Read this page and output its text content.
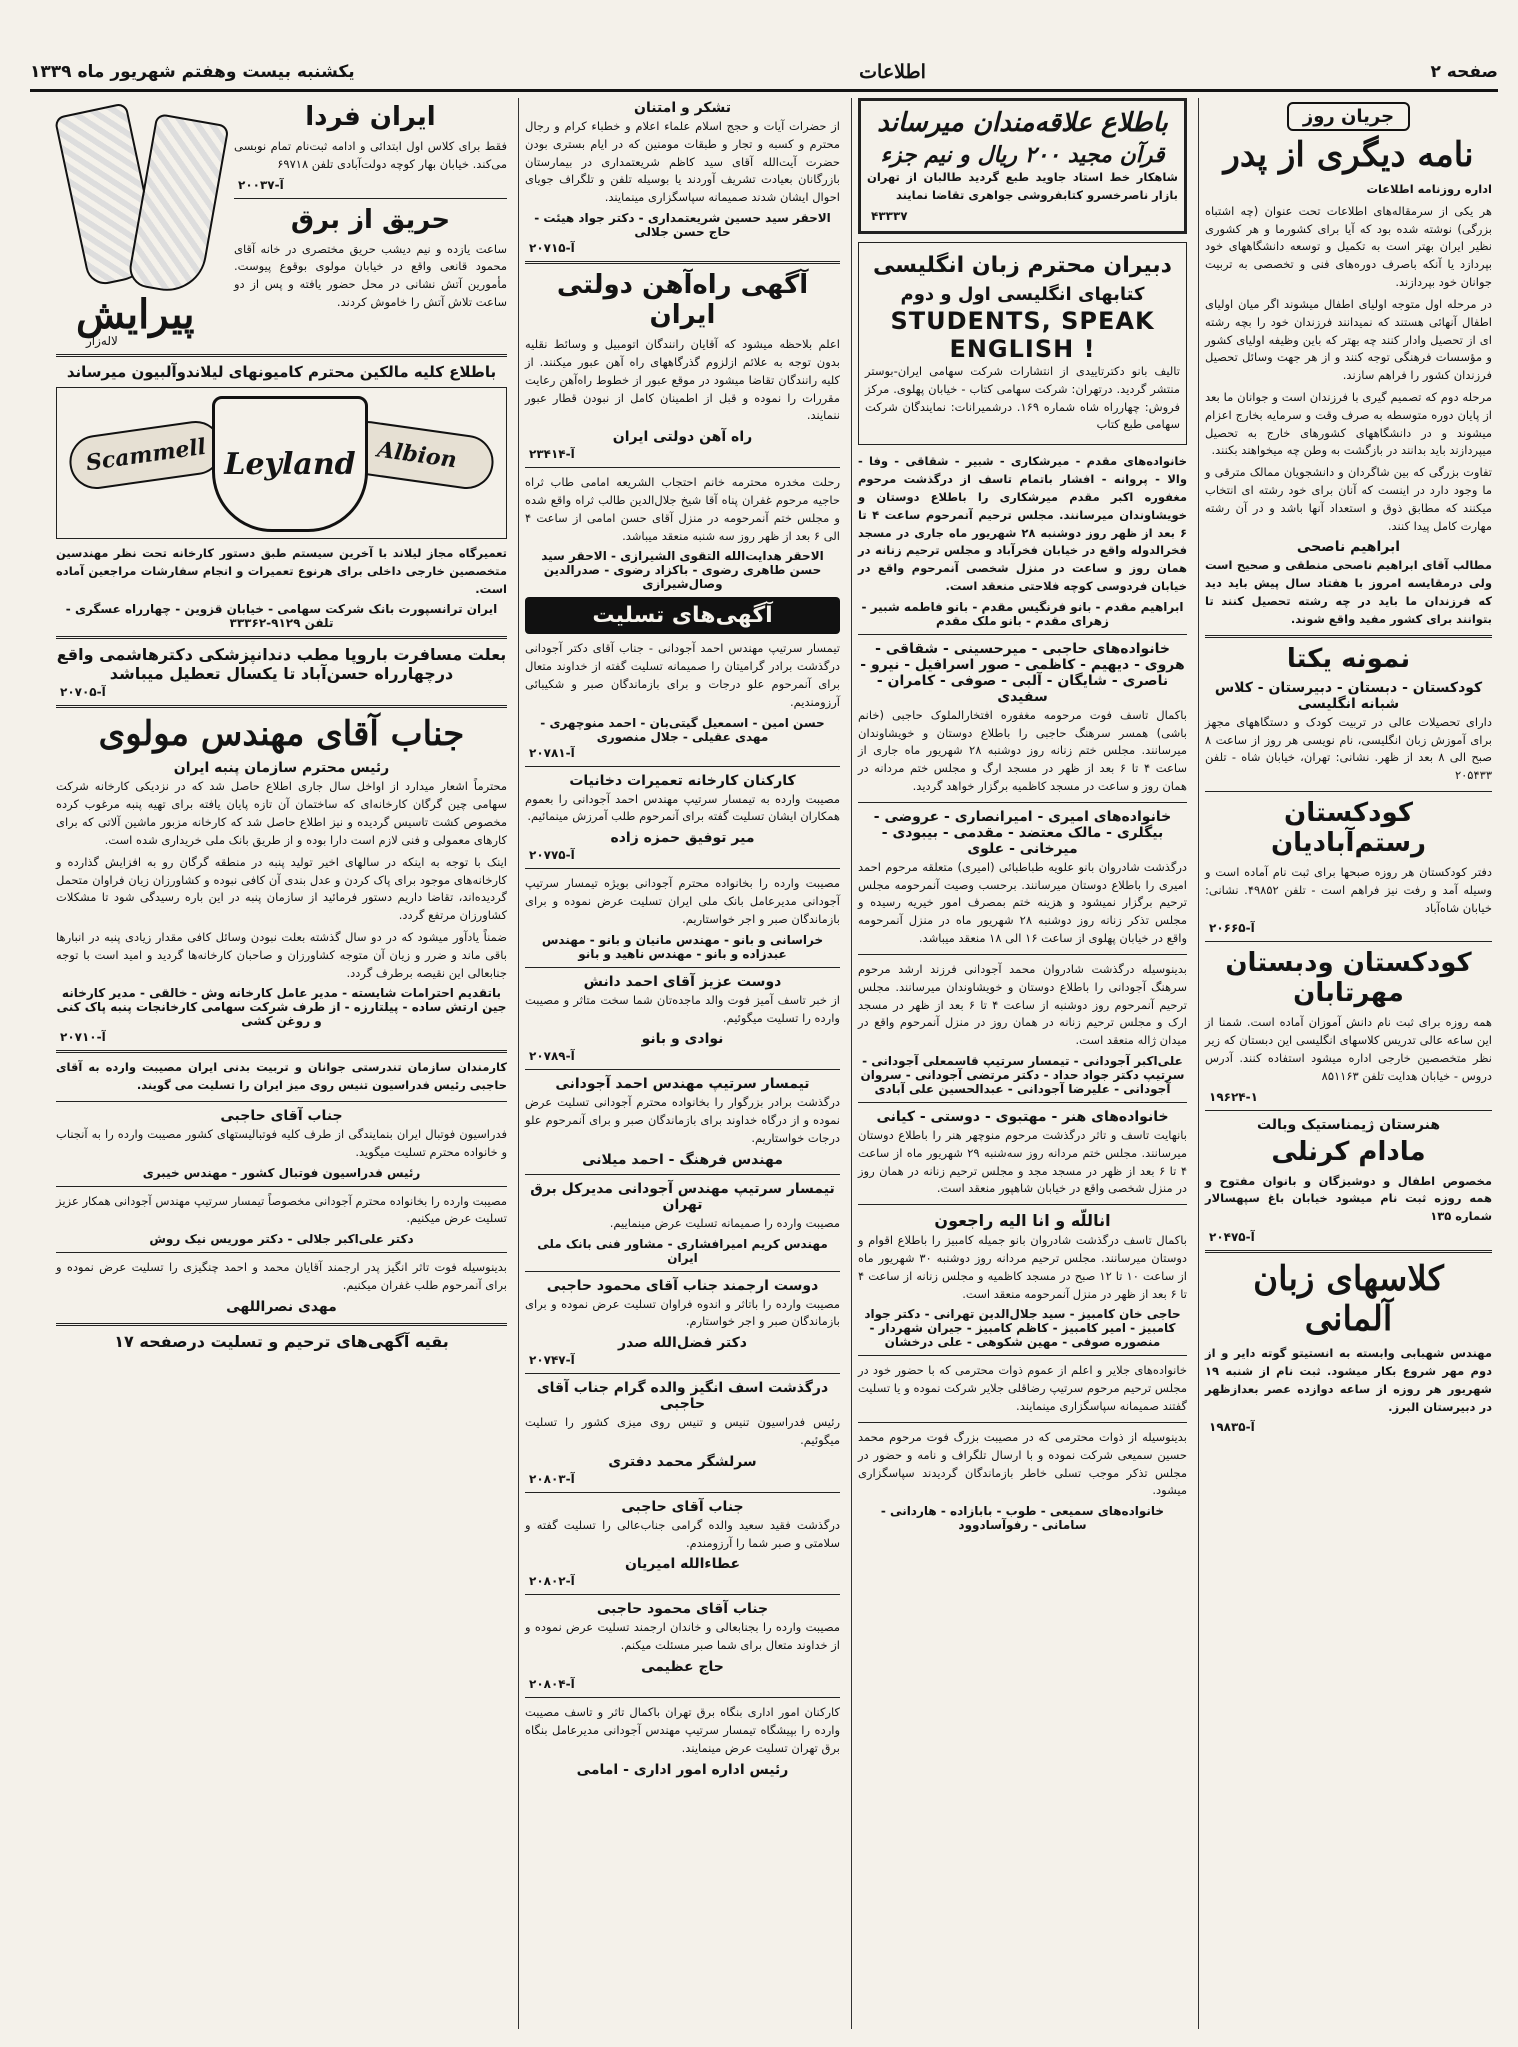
صفحه ۲
اطلاعات
یکشنبه بیست وهفتم شهریور ماه ۱۳۳۹
جریان روز
نامه دیگری از پدر

اداره روزنامه اطلاعات

هر یکی از سرمقاله‌های اطلاعات تحت عنوان (چه اشتباه بزرگی) نوشته شده بود که آیا برای کشورما و هر کشوری نظیر ایران بهتر است به تکمیل و توسعه دانشگاههای خود بپردازد یا آنکه باصرف دوره‌های فنی و تخصصی به تربیت جوانان خود بپردازند.

در مرحله اول متوجه اولیای اطفال میشوند اگر میان اولیای اطفال آنهائی هستند که نمیدانند فرزندان خود را بچه رشته ای از تحصیل وادار کنند چه بهتر که باین وظیفه اولیای کشور و مؤسسات فرهنگی توجه کنند و از هر جهت وسائل تحصیل فرزندان کشور را فراهم سازند.

مرحله دوم که تصمیم گیری با فرزندان است و جوانان ما بعد از پایان دوره متوسطه به صرف وقت و سرمایه بخارج اعزام میشوند و در دانشگاههای کشورهای خارج به تحصیل میپردازند باید بدانند در بازگشت به وطن چه میخواهند بکنند.

تفاوت بزرگی که بین شاگردان و دانشجویان ممالک مترقی و ما وجود دارد در اینست که آنان برای خود رشته ای انتخاب میکنند که مطابق ذوق و استعداد آنها باشد و در آن رشته مهارت کامل پیدا کنند.

ابراهیم ناصحی

مطالب آقای ابراهیم ناصحی منطقی و صحیح است ولی درمقایسه امروز با هفتاد سال پیش باید دید که فرزندان ما باید در چه رشته تحصیل کنند تا بتوانند برای کشور مفید واقع شوند.

نمونه یکتا
کودکستان - دبستان - دبیرستان - کلاس شبانه انگلیسی

دارای تحصیلات عالی در تربیت کودک و دستگاههای مجهز برای آموزش زبان انگلیسی، نام نویسی هر روز از ساعت ۸ صبح الی ۸ بعد از ظهر. نشانی: تهران، خیابان شاه - تلفن ۲۰۵۴۳۳

کودکستان رستم‌آبادیان

دفتر کودکستان هر روزه صبحها برای ثبت نام آماده است و وسیله آمد و رفت نیز فراهم است - تلفن ۴۹۸۵۲. نشانی: خیابان شاه‌آباد

آ-۲۰۶۶۵
کودکستان ودبستان مهرتابان

همه روزه برای ثبت نام دانش آموزان آماده است. شمنا از این ساعه عالی تدریس کلاسهای انگلیسی این دبستان که زیر نظر متخصصین خارجی اداره میشود استفاده کنند. آدرس دروس - خیابان هدایت تلفن ۸۵۱۱۶۳

۱۹۶۲۴-۱
هنرستان ژیمناستیک وبالت
مادام کرنلی

مخصوص اطفال و دوشیزگان و بانوان مفتوح و همه روزه ثبت نام میشود خیابان باغ سپهسالار شماره ۱۳۵

آ-۲۰۴۷۵
کلاسهای زبان آلمانی

مهندس شهبابی وابسته به انستیتو گوته دایر و از دوم مهر شروع بکار میشود. ثبت نام از شنبه ۱۹ شهریور هر روزه از ساعه دوازده عصر بعدازظهر در دبیرستان البرز.

آ-۱۹۸۳۵
باطلاع علاقه‌مندان میرساند
قرآن مجید ۲۰۰ ریال و نیم جزء

شاهکار خط استاد جاوید طبع گردید طالبان از تهران بازار ناصرخسرو کتابفروشی جواهری تقاضا نمایند

۴۳۳۳۷
دبیران محترم زبان انگلیسی
کتابهای انگلیسی اول و دوم
STUDENTS, SPEAK ENGLISH !

تالیف بانو دکترتاییدی از انتشارات شرکت سهامی ایران-بوستر منتشر گردید. درتهران: شرکت سهامی کتاب - خیابان پهلوی. مرکز فروش: چهارراه شاه شماره ۱۶۹. درشمیرانات: نمایندگان شرکت سهامی طبع کتاب

خانواده‌های مقدم - میرشکاری - شبیر - شقاقی - وفا - والا - پروانه - افشار باتمام تاسف از درگذشت مرحوم مغفوره اکبر مقدم میرشکاری را باطلاع دوستان و خویشاوندان میرسانند. مجلس ترحیم آنمرحوم ساعت ۴ تا ۶ بعد از ظهر روز دوشنبه ۲۸ شهریور ماه جاری در مسجد فخرالدوله واقع در خیابان فخرآباد و مجلس ترحیم زنانه در همان روز و ساعت در منزل شخصی آنمرحوم واقع در خیابان فردوسی کوچه فلاحتی منعقد است.

ابراهیم مقدم - بانو فرنگیس مقدم - بانو فاطمه شبیر - زهرای مقدم - بانو ملک مقدم
خانواده‌های حاجبی - میرحسینی - شقاقی - هروی - دیهیم - کاظمی - صور اسرافیل - نیرو - ناصری - شایگان - آلبی - صوفی - کامران - سفیدی

باکمال تاسف فوت مرحومه مغفوره افتخارالملوک حاجبی (خانم باشی) همسر سرهنگ حاجبی را باطلاع دوستان و خویشاوندان میرسانند. مجلس ختم زنانه روز دوشنبه ۲۸ شهریور ماه جاری از ساعت ۴ تا ۶ بعد از ظهر در مسجد ارگ و مجلس ختم مردانه در همان روز و ساعت در مسجد کاظمیه برگزار خواهد گردید.

خانواده‌های امیری - امیرانصاری - عروضی - بیگلری - مالک معتضد - مقدمی - بیبودی - میرخانی - علوی

درگذشت شادروان بانو علویه طباطبائی (امیری) متعلقه مرحوم احمد امیری را باطلاع دوستان میرسانند. برحسب وصیت آنمرحومه مجلس ترحیم برگزار نمیشود و هزینه ختم بمصرف امور خیریه رسیده و مجلس تذکر زنانه روز دوشنبه ۲۸ شهریور ماه در منزل آنمرحومه واقع در خیابان پهلوی از ساعت ۱۶ الی ۱۸ منعقد میباشد.

بدینوسیله درگذشت شادروان محمد آجودانی فرزند ارشد مرحوم سرهنگ آجودانی را باطلاع دوستان و خویشاوندان میرسانند. مجلس ترحیم آنمرحوم روز دوشنبه از ساعت ۴ تا ۶ بعد از ظهر در مسجد ارک و مجلس ترحیم زنانه در همان روز در منزل آنمرحوم واقع در میدان ژاله منعقد است.

علی‌اکبر آجودانی - تیمسار سرتیپ قاسمعلی آجودانی - سرتیپ دکتر جواد حداد - دکتر مرتضی آجودانی - سروان آجودانی - علیرضا آجودانی - عبدالحسین علی آبادی
خانواده‌های هنر - مهتبوی - دوستی - کیانی

بانهایت تاسف و تاثر درگذشت مرحوم منوچهر هنر را باطلاع دوستان میرسانند. مجلس ختم مردانه روز سه‌شنبه ۲۹ شهریور ماه از ساعت ۴ تا ۶ بعد از ظهر در مسجد مجد و مجلس ترحیم زنانه در همان روز در منزل شخصی واقع در خیابان شاهپور منعقد است.

اناللّه و انا الیه راجعون

باکمال تاسف درگذشت شادروان بانو جمیله کامبیز را باطلاع اقوام و دوستان میرسانند. مجلس ترحیم مردانه روز دوشنبه ۳۰ شهریور ماه از ساعت ۱۰ تا ۱۲ صبح در مسجد کاظمیه و مجلس زنانه از ساعت ۴ تا ۶ بعد از ظهر در منزل آنمرحومه منعقد است.

حاجی خان کامبیز - سید جلال‌الدین تهرانی - دکتر جواد کامبیز - امیر کامبیز - کاظم کامبیز - جیران شهردار - منصوره صوفی - مهین شکوهی - علی درخشان

خانواده‌های جلایر و اعلم از عموم ذوات محترمی که با حضور خود در مجلس ترحیم مرحوم سرتیپ رضاقلی جلایر شرکت نموده و یا تسلیت گفتند صمیمانه سپاسگزاری مینمایند.

بدینوسیله از ذوات محترمی که در مصیبت بزرگ فوت مرحوم محمد حسین سمیعی شرکت نموده و با ارسال تلگراف و نامه و حضور در مجلس تذکر موجب تسلی خاطر بازماندگان گردیدند سپاسگزاری میشود.

خانواده‌های سمیعی - طوب - بابازاده - هاردانی - سامانی - رفوآسادوود
تشکر و امتنان

از حضرات آیات و حجج اسلام علماء اعلام و خطباء کرام و رجال محترم و کسبه و تجار و طبقات مومنین که در ایام بستری بودن حضرت آیت‌الله آقای سید کاظم شریعتمداری در بیمارستان بازرگانان بعیادت تشریف آوردند یا بوسیله تلفن و تلگراف جویای احوال ایشان شدند صمیمانه سپاسگزاری مینمایند.

الاحقر سید حسین شریعتمداری - دکتر جواد هیئت - حاج حسن جلالی
آ-۲۰۷۱۵
آگهی راه‌آهن دولتی ایران

اعلم بلاحظه میشود که آقایان رانندگان اتومبیل و وسائط نقلیه بدون توجه به علائم ازلزوم گذرگاههای راه آهن عبور میکنند. از کلیه رانندگان تقاضا میشود در موقع عبور از خطوط راه‌آهن رعایت مقررات را نموده و قبل از اطمینان کامل از نبودن قطار عبور ننمایند.

راه آهن دولتی ایران
آ-۲۳۴۱۴

رحلت مخدره محترمه خانم احتجاب الشریعه امامی طاب ثراه حاجیه مرحوم غفران پناه آقا شیخ جلال‌الدین طالب ثراه واقع شده و مجلس ختم آنمرحومه در منزل آقای حسن امامی از ساعت ۴ الی ۶ بعد از ظهر روز سه شنبه منعقد میباشد.

الاحقر هدایت‌الله التقوی الشیرازی - الاحقر سید حسن طاهری رضوی - باکزاد رضوی - صدرالدین وصال‌شیرازی
آگهی‌های تسلیت

تیمسار سرتیپ مهندس احمد آجودانی - جناب آقای دکتر آجودانی درگذشت برادر گرامیتان را صمیمانه تسلیت گفته از خداوند متعال برای آنمرحوم علو درجات و برای بازماندگان صبر و شکیبائی آرزومندیم.

حسن امین - اسمعیل گیتی‌بان - احمد منوچهری - مهدی عقیلی - جلال منصوری
آ-۲۰۷۸۱
کارکنان کارخانه تعمیرات دخانیات

مصیبت وارده به تیمسار سرتیپ مهندس احمد آجودانی را بعموم همکاران ایشان تسلیت گفته برای آنمرحوم طلب آمرزش مینمائیم.

میر توفیق حمزه زاده
آ-۲۰۷۷۵

مصیبت وارده را بخانواده محترم آجودانی بویژه تیمسار سرتیپ آجودانی مدیرعامل بانک ملی ایران تسلیت عرض نموده و برای بازماندگان صبر و اجر خواستاریم.

خراسانی و بانو - مهندس مانیان و بانو - مهندس عبدزاده و بانو - مهندس ناهید و بانو
دوست عزیز آقای احمد دانش

از خبر تاسف آمیز فوت والد ماجده‌تان شما سخت متاثر و مصیبت وارده را تسلیت میگوئیم.

نوادی و بانو
آ-۲۰۷۸۹
تیمسار سرتیپ مهندس احمد آجودانی

درگذشت برادر بزرگوار را بخانواده محترم آجودانی تسلیت عرض نموده و از درگاه خداوند برای بازماندگان صبر و برای آنمرحوم علو درجات خواستاریم.

مهندس فرهنگ - احمد میلانی
تیمسار سرتیپ مهندس آجودانی مدیرکل برق تهران

مصیبت وارده را صمیمانه تسلیت عرض مینماییم.

مهندس کریم امیرافشاری - مشاور فنی بانک ملی ایران
دوست ارجمند جناب آقای محمود حاجبی

مصیبت وارده را باتاثر و اندوه فراوان تسلیت عرض نموده و برای بازماندگان صبر و اجر خواستارم.

دکتر فضل‌الله صدر
آ-۲۰۷۴۷
درگذشت اسف انگیز والده گرام جناب آقای حاجبی

رئیس فدراسیون تنیس و تنیس روی میزی کشور را تسلیت میگوئیم.

سرلشگر محمد دفتری
آ-۲۰۸۰۳
جناب آقای حاجبی

درگذشت فقید سعید والده گرامی جناب‌عالی را تسلیت گفته و سلامتی و صبر شما را آرزومندم.

عطاءالله امیریان
آ-۲۰۸۰۲
جناب آقای محمود حاجبی

مصیبت وارده را بجنابعالی و خاندان ارجمند تسلیت عرض نموده و از خداوند متعال برای شما صبر مسئلت میکنم.

حاج عظیمی
آ-۲۰۸۰۴

کارکنان امور اداری بنگاه برق تهران باکمال تاثر و تاسف مصیبت وارده را بپیشگاه تیمسار سرتیپ مهندس آجودانی مدیرعامل بنگاه برق تهران تسلیت عرض مینمایند.

رئیس اداره امور اداری - امامی
ایران فردا

فقط برای کلاس اول ابتدائی و ادامه ثبت‌نام تمام نوبسی می‌کند. خیابان بهار کوچه دولت‌آبادی تلفن ۶۹۷۱۸

آ-۲۰۰۳۷
حریق از برق

ساعت یازده و نیم دیشب حریق مختصری در خانه آقای محمود قانعی واقع در خیابان مولوی بوقوع پیوست. مأمورین آتش نشانی در محل حضور یافته و پس از دو ساعت تلاش آتش را خاموش کردند.

پیرایش
لالەزار
باطلاع کلیه مالکین محترم کامیونهای لیلاندوآلبیون میرساند
Albion
Scammell Leyland

تعمیرگاه مجاز لیلاند با آخرین سیستم طبق دستور کارخانه تحت نظر مهندسین متخصصین خارجی داخلی برای هرنوع تعمیرات و انجام سفارشات مراجعین آماده است.

ایران ترانسپورت بانک شرکت سهامی - خیابان قزوین - چهارراه عسگری - تلفن ۹۱۲۹-۳۳۳۶۲
بعلت مسافرت باروپا مطب دندانپزشکی دکترهاشمی واقع درچهارراه حسن‌آباد تا یکسال تعطیل میباشد
آ-۲۰۷۰۵
جناب آقای مهندس مولوی
رئیس محترم سازمان پنبه ایران

محترماً اشعار میدارد از اواخل سال جاری اطلاع حاصل شد که در نزدیکی کارخانه شرکت سهامی چین گرگان کارخانه‌ای که ساختمان آن تازه پایان یافته برای تهیه پنبه مرغوب کرده مخصوص کشت تاسیس گردیده و نیز اطلاع حاصل شد که کارخانه مزبور ماشین آلاتی که برای کارهای معمولی و فنی لازم است دارا بوده و از طریق بانک ملی خریداری شده است.

اینک با توجه به اینکه در سالهای اخیر تولید پنبه در منطقه گرگان رو به افزایش گذارده و کارخانه‌های موجود برای پاک کردن و عدل بندی آن کافی نبوده و کشاورزان زیان فراوان متحمل گردیده‌اند، تقاضا داریم دستور فرمائید از سازمان پنبه در این باره رسیدگی شود تا مشکلات کشاورزان مرتفع گردد.

ضمناً یادآور میشود که در دو سال گذشته بعلت نبودن وسائل کافی مقدار زیادی پنبه در انبارها باقی ماند و ضرر و زیان آن متوجه کشاورزان و صاحبان کارخانه‌ها گردید و امید است با توجه جنابعالی این نقیصه برطرف گردد.

باتقدیم احترامات شایسته - مدیر عامل کارخانه وش - خالقی - مدیر کارخانه جین ارتش ساده - پیلتارزه - از طرف شرکت سهامی کارخانجات پنبه پاک کنی و روغن کشی
آ-۲۰۷۱۰

کارمندان سازمان تندرستی جوانان و تربیت بدنی ایران مصیبت وارده به آقای حاجبی رئیس فدراسیون تنیس روی میز ایران را تسلیت می گویند.

جناب آقای حاجبی

فدراسیون فوتبال ایران بنمایندگی از طرف کلیه فوتبالیستهای کشور مصیبت وارده را به آنجناب و خانواده محترم تسلیت میگوید.

رئیس فدراسیون فوتبال کشور - مهندس خیبری

مصیبت وارده را بخانواده محترم آجودانی مخصوصاً تیمسار سرتیپ مهندس آجودانی همکار عزیز تسلیت عرض میکنیم.

دکتر علی‌اکبر جلالی - دکتر موریس نیک روش

بدینوسیله فوت تاثر انگیز پدر ارجمند آقایان محمد و احمد چنگیزی را تسلیت عرض نموده و برای آنمرحوم طلب غفران میکنیم.

مهدی نصراللهی
بقیه آگهی‌های ترحیم و تسلیت درصفحه ۱۷
